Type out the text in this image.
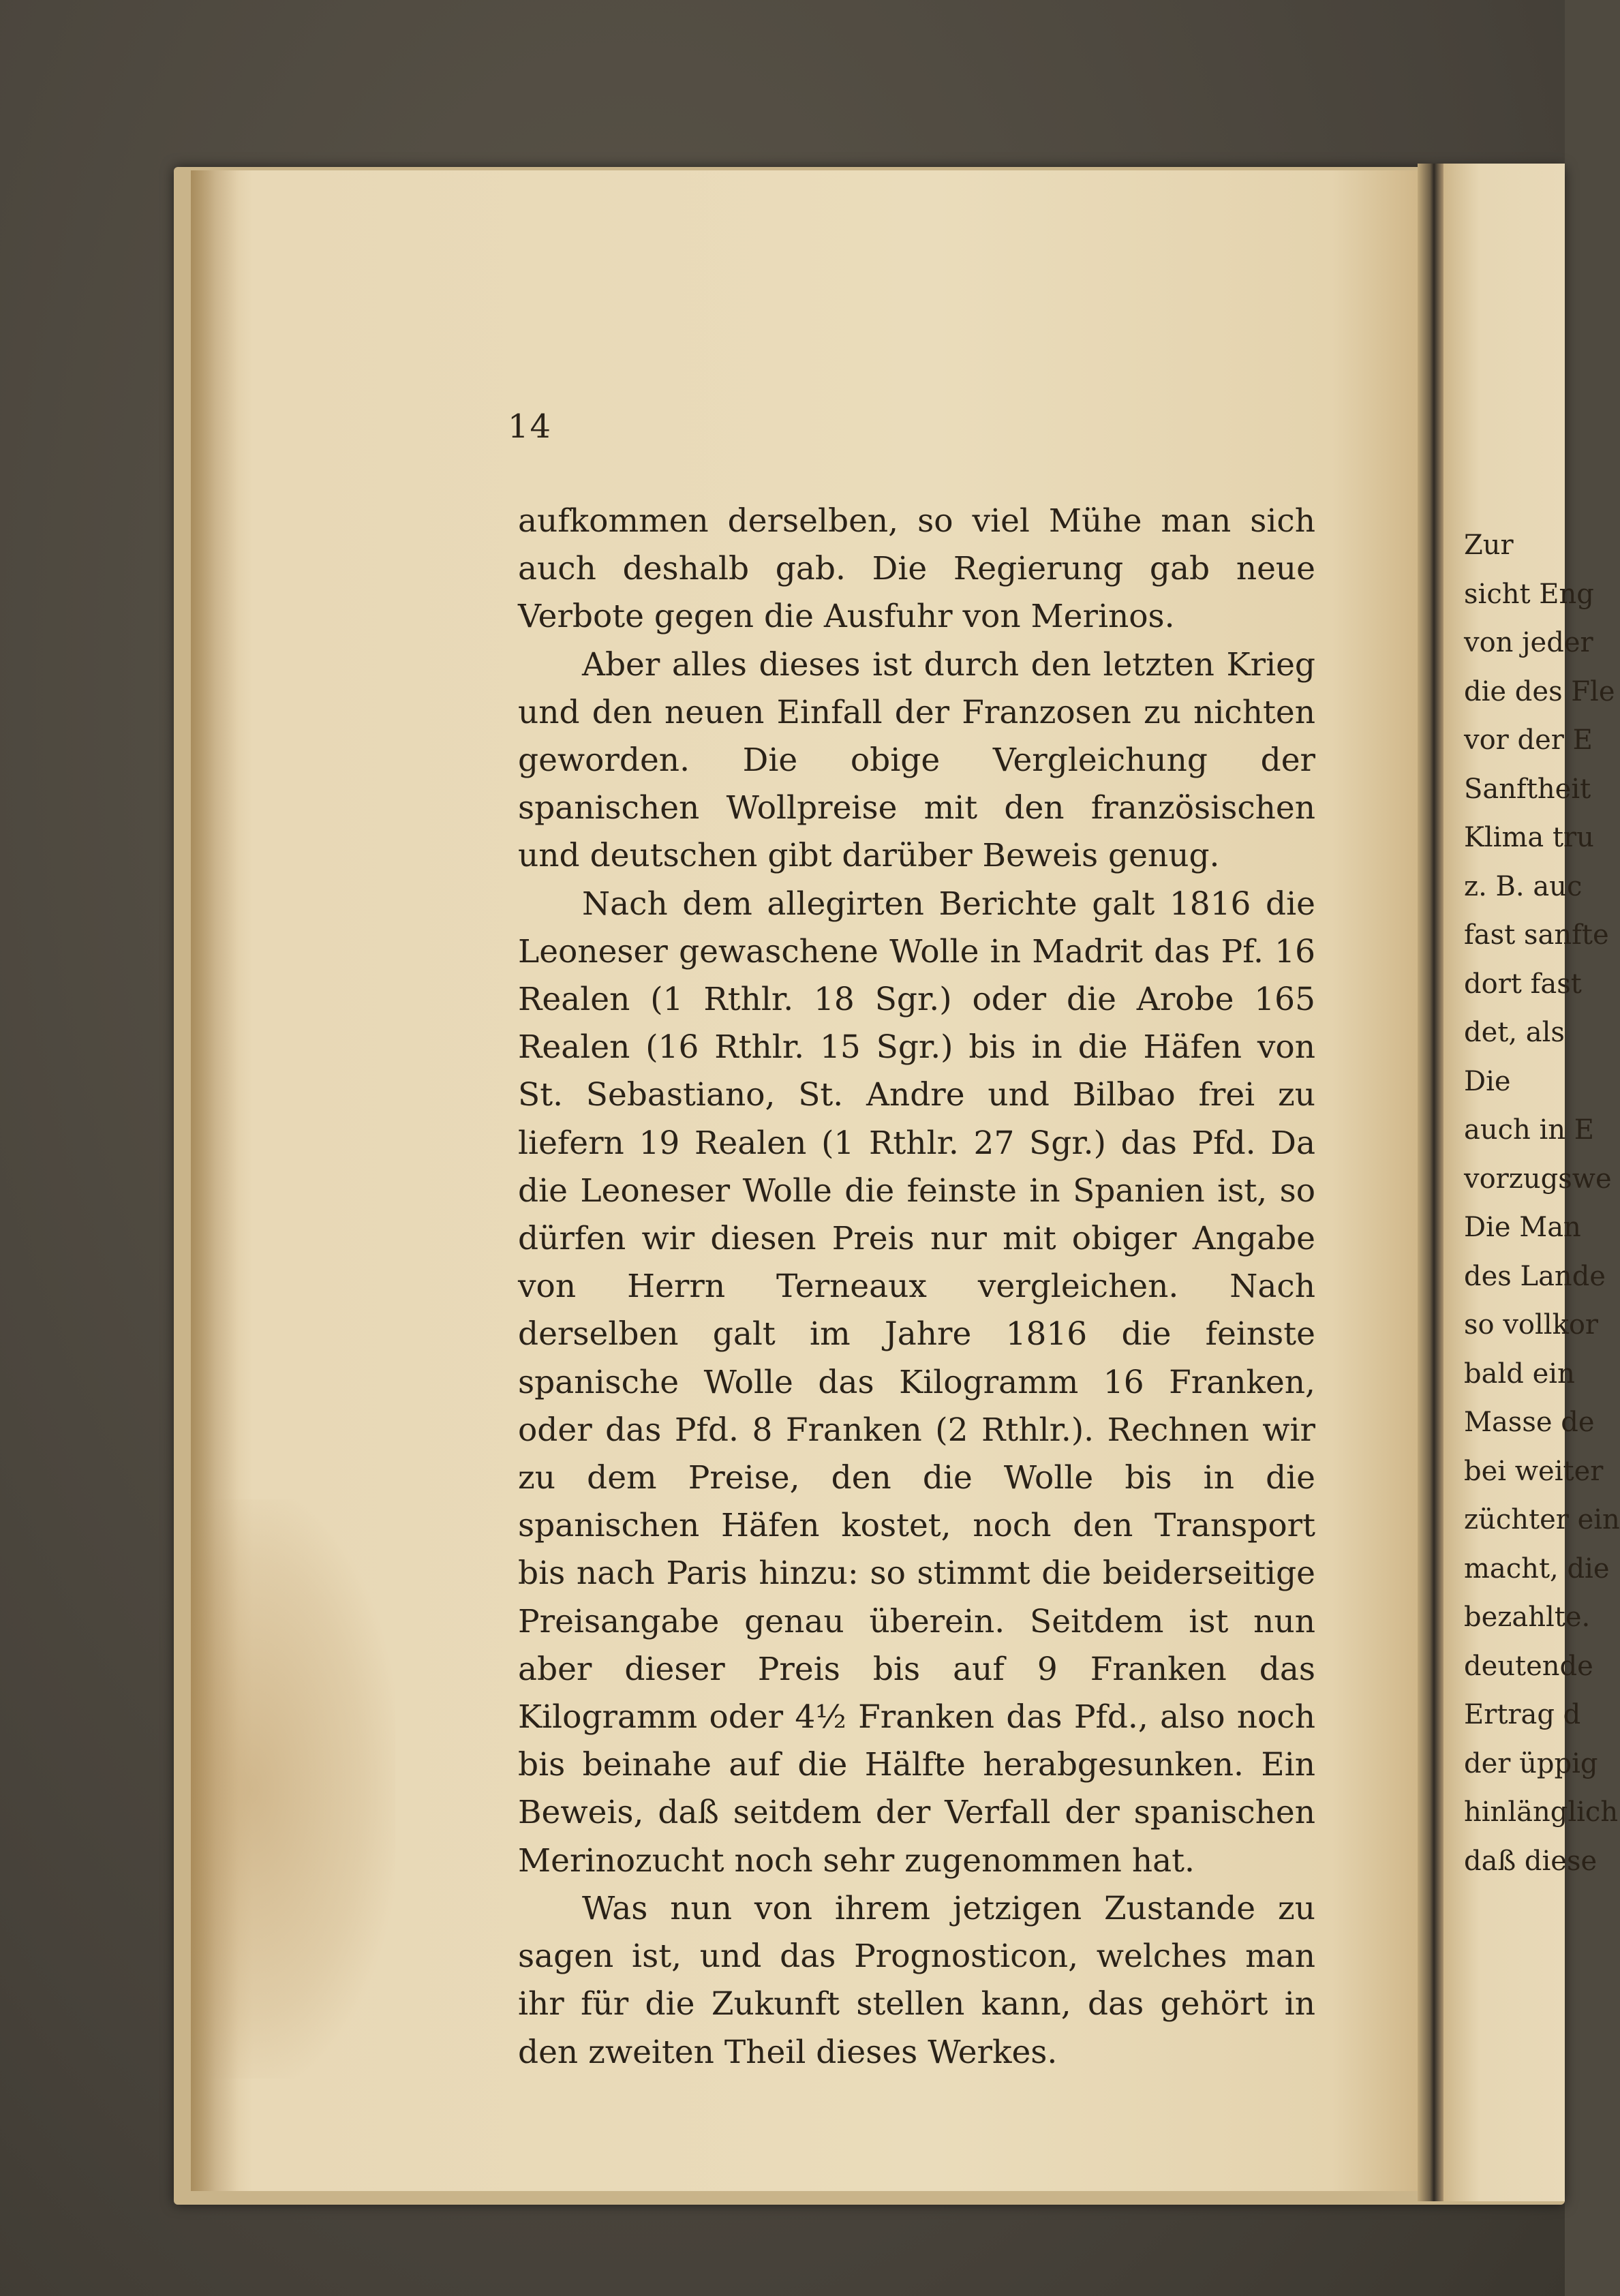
14

aufkommen derselben, so viel Mühe man sich auch deshalb gab. Die Regierung gab neue Verbote gegen die Ausfuhr von Merinos.

Aber alles dieses ist durch den letzten Krieg und den neuen Einfall der Franzosen zu nichten geworden. Die obige Vergleichung der spanischen Wollpreise mit den französischen und deutschen gibt darüber Beweis genug.

Nach dem allegirten Berichte galt 1816 die Leoneser gewaschene Wolle in Madrit das Pf. 16 Realen (1 Rthlr. 18 Sgr.) oder die Arobe 165 Realen (16 Rthlr. 15 Sgr.) bis in die Häfen von St. Sebastiano, St. Andre und Bilbao frei zu liefern 19 Realen (1 Rthlr. 27 Sgr.) das Pfd. Da die Leoneser Wolle die feinste in Spanien ist, so dürfen wir diesen Preis nur mit obiger Angabe von Herrn Terneaux vergleichen. Nach derselben galt im Jahre 1816 die feinste spanische Wolle das Kilogramm 16 Franken, oder das Pfd. 8 Franken (2 Rthlr.). Rechnen wir zu dem Preise, den die Wolle bis in die spanischen Häfen kostet, noch den Transport bis nach Paris hinzu: so stimmt die beiderseitige Preisangabe genau überein. Seitdem ist nun aber dieser Preis bis auf 9 Franken das Kilogramm oder 4½ Franken das Pfd., also noch bis beinahe auf die Hälfte herabgesunken. Ein Beweis, daß seitdem der Verfall der spanischen Merinozucht noch sehr zugenommen hat.

Was nun von ihrem jetzigen Zustande zu sagen ist, und das Prognosticon, welches man ihr für die Zukunft stellen kann, das gehört in den zweiten Theil dieses Werkes.

Zur
sicht Eng
von jeder
die des Fle
vor der E
Sanftheit
Klima tru
z. B. auc
fast sanfte
dort fast
det, als
Die
auch in E
vorzugswe
Die Man
des Lande
so vollkor
bald ein
Masse de
bei weiter
züchter ein
macht, die
bezahlte.
deutende
Ertrag d
der üppig
hinlänglich
daß diese
